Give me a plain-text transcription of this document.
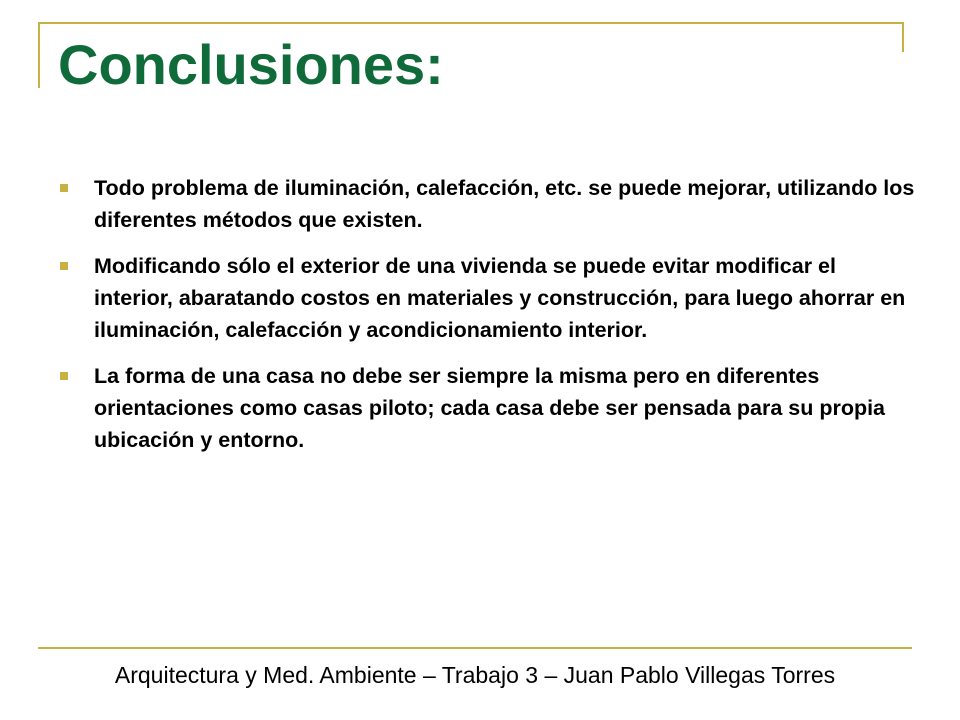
Conclusiones:
Todo problema de iluminación, calefacción, etc. se puede mejorar, utilizando los diferentes métodos que existen.
Modificando sólo el exterior de una vivienda se puede evitar modificar el interior, abaratando costos en materiales y construcción, para luego ahorrar en iluminación, calefacción y acondicionamiento interior.
La forma de una casa no debe ser siempre la misma pero en diferentes orientaciones como casas piloto; cada casa debe ser pensada para su propia ubicación y entorno.
Arquitectura y Med. Ambiente – Trabajo 3 – Juan Pablo Villegas Torres
